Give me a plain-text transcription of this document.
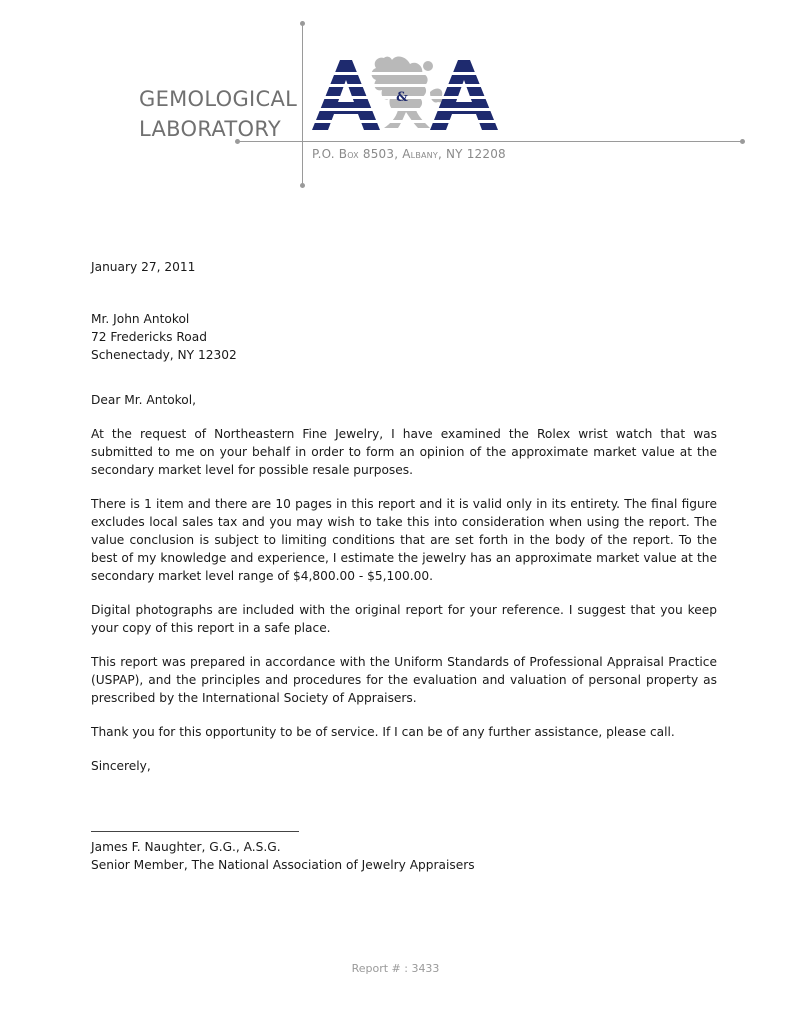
GEMOLOGICAL
LABORATORY
&

P.O. Box 8503, Albany, NY 12208

January 27, 2011

Mr. John Antokol
72 Fredericks Road
Schenectady, NY 12302

Dear Mr. Antokol,

At the request of Northeastern Fine Jewelry, I have examined the Rolex wrist watch that was submitted to me on your behalf in order to form an opinion of the approximate market value at the secondary market level for possible resale purposes.

There is 1 item and there are 10 pages in this report and it is valid only in its entirety. The final figure excludes local sales tax and you may wish to take this into consideration when using the report. The value conclusion is subject to limiting conditions that are set forth in the body of the report. To the best of my knowledge and experience, I estimate the jewelry has an approximate market value at the secondary market level range of $4,800.00 - $5,100.00.

Digital photographs are included with the original report for your reference. I suggest that you keep your copy of this report in a safe place.

This report was prepared in accordance with the Uniform Standards of Professional Appraisal Practice (USPAP), and the principles and procedures for the evaluation and valuation of personal property as prescribed by the International Society of Appraisers.

Thank you for this opportunity to be of service. If I can be of any further assistance, please call.

Sincerely,

James F. Naughter, G.G., A.S.G.

Senior Member, The National Association of Jewelry Appraisers

Report # : 3433
